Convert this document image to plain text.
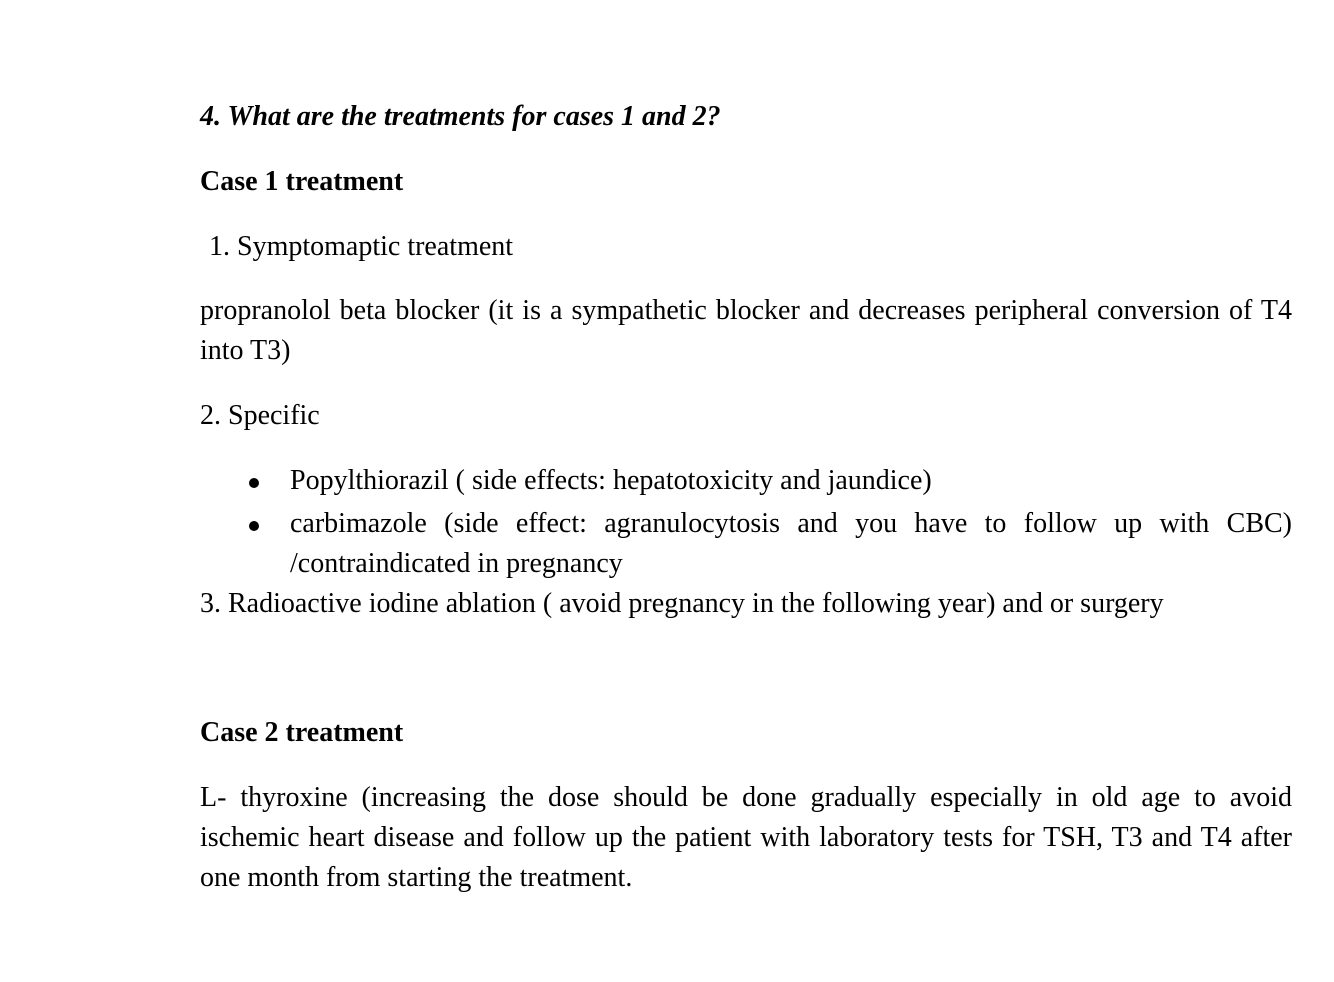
4. What are the treatments for cases 1 and 2?

Case 1 treatment

1. Symptomaptic treatment

propranolol beta blocker (it is a sympathetic blocker and decreases peripheral conversion of T4 into T3)

2. Specific

Popylthiorazil ( side effects: hepatotoxicity and jaundice)
carbimazole (side effect: agranulocytosis and you have to follow up with CBC) /contraindicated in pregnancy

3. Radioactive iodine ablation ( avoid pregnancy in the following year) and or surgery

Case 2 treatment

L- thyroxine (increasing the dose should be done gradually especially in old age to avoid ischemic heart disease and follow up the patient with laboratory tests for TSH, T3 and T4 after one month from starting the treatment.
